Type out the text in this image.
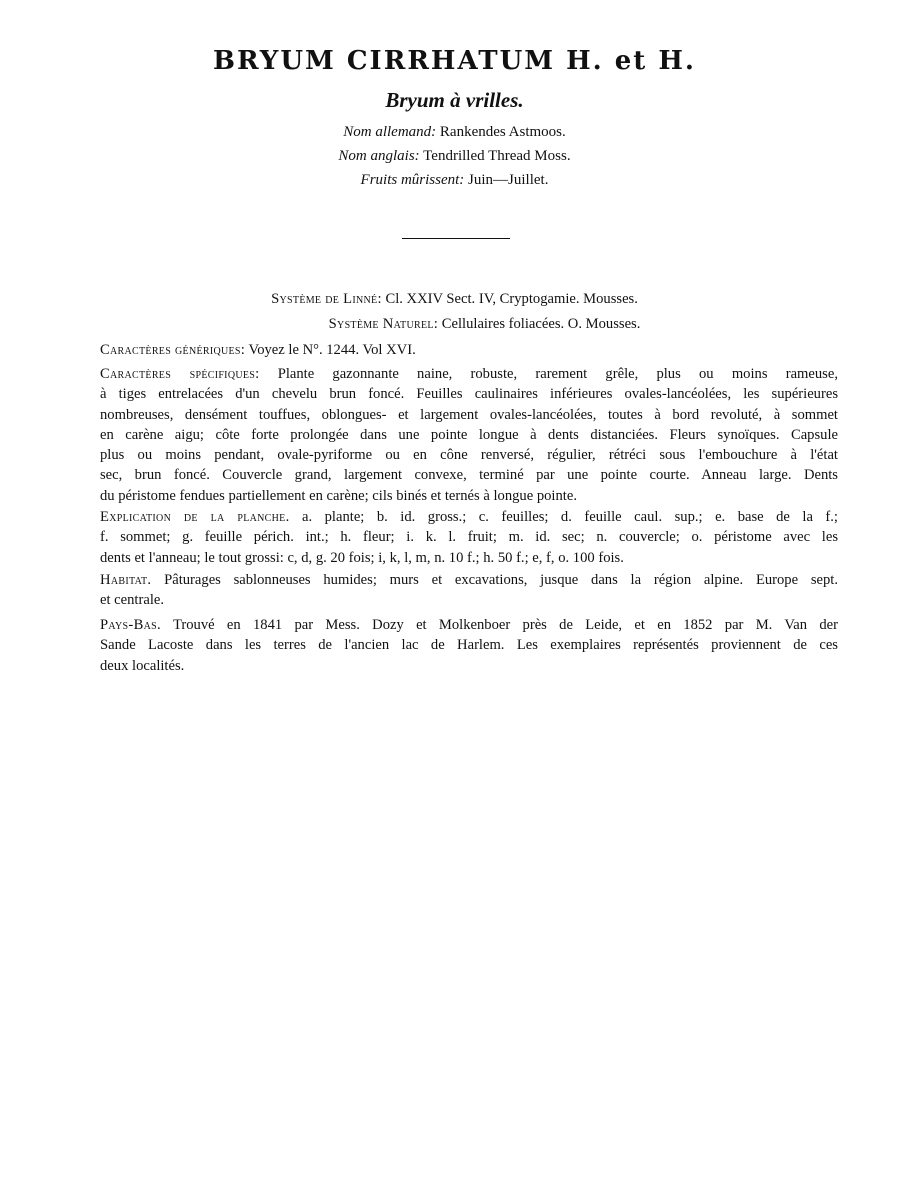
BRYUM CIRRHATUM H. et H.
Bryum à vrilles.
Nom allemand: Rankendes Astmoos.
Nom anglais: Tendrilled Thread Moss.
Fruits mûrissent: Juin—Juillet.
Système de Linné: Cl. XXIV Sect. IV, Cryptogamie. Mousses.
Système Naturel: Cellulaires foliacées. O. Mousses.
Caractères génériques: Voyez le N°. 1244. Vol XVI.
Caractères spécifiques: Plante gazonnante naine, robuste, rarement grêle, plus ou moins rameuse,
à tiges entrelacées d'un chevelu brun foncé. Feuilles caulinaires inférieures ovales-lancéolées, les supérieures
nombreuses, densément touffues, oblongues- et largement ovales-lancéolées, toutes à bord revoluté, à sommet
en carène aigu; côte forte prolongée dans une pointe longue à dents distanciées. Fleurs synoïques. Capsule
plus ou moins pendant, ovale-pyriforme ou en cône renversé, régulier, rétréci sous l'embouchure à l'état
sec, brun foncé. Couvercle grand, largement convexe, terminé par une pointe courte. Anneau large. Dents
du péristome fendues partiellement en carène; cils binés et ternés à longue pointe.
Explication de la planche. a. plante; b. id. gross.; c. feuilles; d. feuille caul. sup.; e. base de la f.;
f. sommet; g. feuille périch. int.; h. fleur; i. k. l. fruit; m. id. sec; n. couvercle; o. péristome avec les
dents et l'anneau; le tout grossi: c, d, g. 20 fois; i, k, l, m, n. 10 f.; h. 50 f.; e, f, o. 100 fois.
Habitat. Pâturages sablonneuses humides; murs et excavations, jusque dans la région alpine. Europe sept.
et centrale.
Pays-Bas. Trouvé en 1841 par Mess. Dozy et Molkenboer près de Leide, et en 1852 par M. Van der
Sande Lacoste dans les terres de l'ancien lac de Harlem. Les exemplaires représentés proviennent de ces
deux localités.
